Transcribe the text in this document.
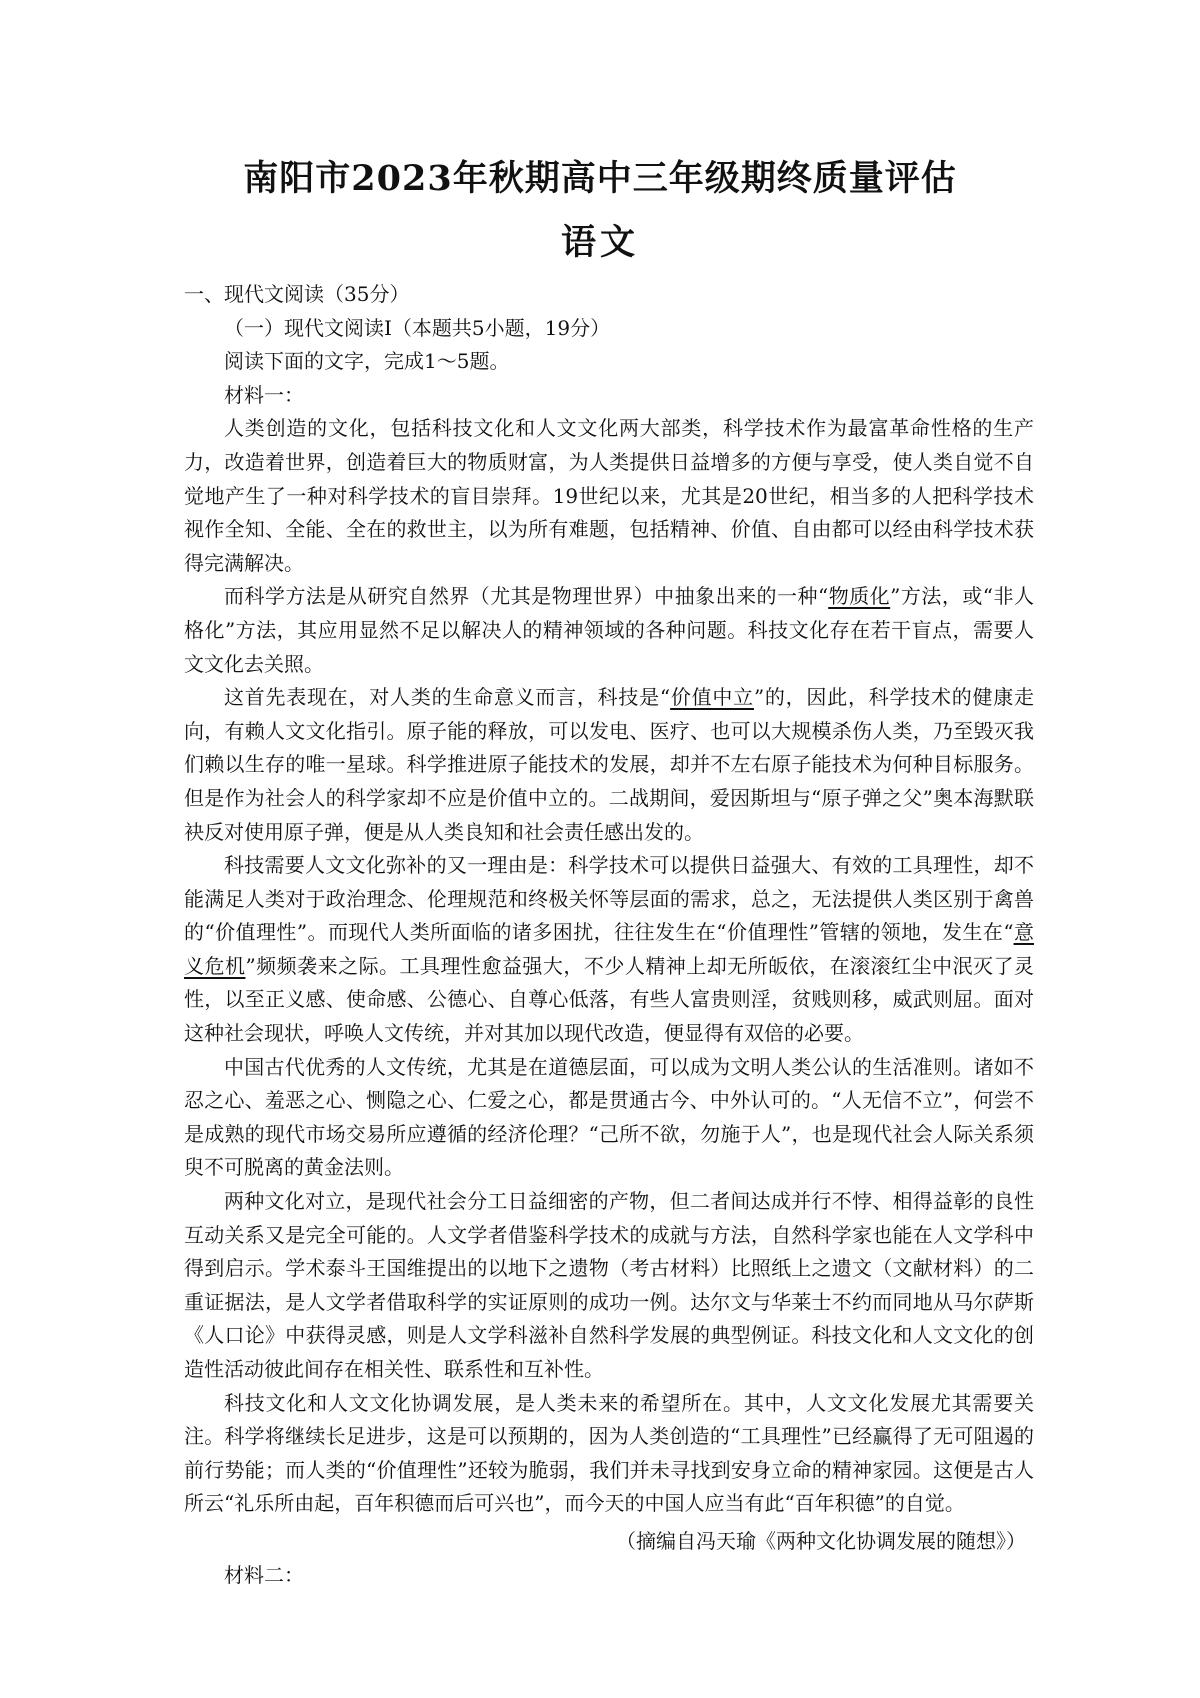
南阳市2023年秋期高中三年级期终质量评估
语文

一、现代文阅读（35分）

（一）现代文阅读Ⅰ（本题共5小题，19分）

阅读下面的文字，完成1～5题。

材料一：

人类创造的文化，包括科技文化和人文文化两大部类，科学技术作为最富革命性格的生产力，改造着世界，创造着巨大的物质财富，为人类提供日益增多的方便与享受，使人类自觉不自觉地产生了一种对科学技术的盲目崇拜。19世纪以来，尤其是20世纪，相当多的人把科学技术视作全知、全能、全在的救世主，以为所有难题，包括精神、价值、自由都可以经由科学技术获得完满解决。

而科学方法是从研究自然界（尤其是物理世界）中抽象出来的一种“物质化”方法，或“非人格化”方法，其应用显然不足以解决人的精神领域的各种问题。科技文化存在若干盲点，需要人文文化去关照。

这首先表现在，对人类的生命意义而言，科技是“价值中立”的，因此，科学技术的健康走向，有赖人文文化指引。原子能的释放，可以发电、医疗、也可以大规模杀伤人类，乃至毁灭我们赖以生存的唯一星球。科学推进原子能技术的发展，却并不左右原子能技术为何种目标服务。但是作为社会人的科学家却不应是价值中立的。二战期间，爱因斯坦与“原子弹之父”奥本海默联袂反对使用原子弹，便是从人类良知和社会责任感出发的。

科技需要人文文化弥补的又一理由是：科学技术可以提供日益强大、有效的工具理性，却不能满足人类对于政治理念、伦理规范和终极关怀等层面的需求，总之，无法提供人类区别于禽兽的“价值理性”。而现代人类所面临的诸多困扰，往往发生在“价值理性”管辖的领地，发生在“意义危机”频频袭来之际。工具理性愈益强大，不少人精神上却无所皈依，在滚滚红尘中泯灭了灵性，以至正义感、使命感、公德心、自尊心低落，有些人富贵则淫，贫贱则移，威武则屈。面对这种社会现状，呼唤人文传统，并对其加以现代改造，便显得有双倍的必要。

中国古代优秀的人文传统，尤其是在道德层面，可以成为文明人类公认的生活准则。诸如不忍之心、羞恶之心、恻隐之心、仁爱之心，都是贯通古今、中外认可的。“人无信不立”，何尝不是成熟的现代市场交易所应遵循的经济伦理？“己所不欲，勿施于人”，也是现代社会人际关系须臾不可脱离的黄金法则。

两种文化对立，是现代社会分工日益细密的产物，但二者间达成并行不悖、相得益彰的良性互动关系又是完全可能的。人文学者借鉴科学技术的成就与方法，自然科学家也能在人文学科中得到启示。学术泰斗王国维提出的以地下之遗物（考古材料）比照纸上之遗文（文献材料）的二重证据法，是人文学者借取科学的实证原则的成功一例。达尔文与华莱士不约而同地从马尔萨斯《人口论》中获得灵感，则是人文学科滋补自然科学发展的典型例证。科技文化和人文文化的创造性活动彼此间存在相关性、联系性和互补性。

科技文化和人文文化协调发展，是人类未来的希望所在。其中，人文文化发展尤其需要关注。科学将继续长足进步，这是可以预期的，因为人类创造的“工具理性”已经赢得了无可阻遏的前行势能；而人类的“价值理性”还较为脆弱，我们并未寻找到安身立命的精神家园。这便是古人所云“礼乐所由起，百年积德而后可兴也”，而今天的中国人应当有此“百年积德”的自觉。

（摘编自冯天瑜《两种文化协调发展的随想》）

材料二：
